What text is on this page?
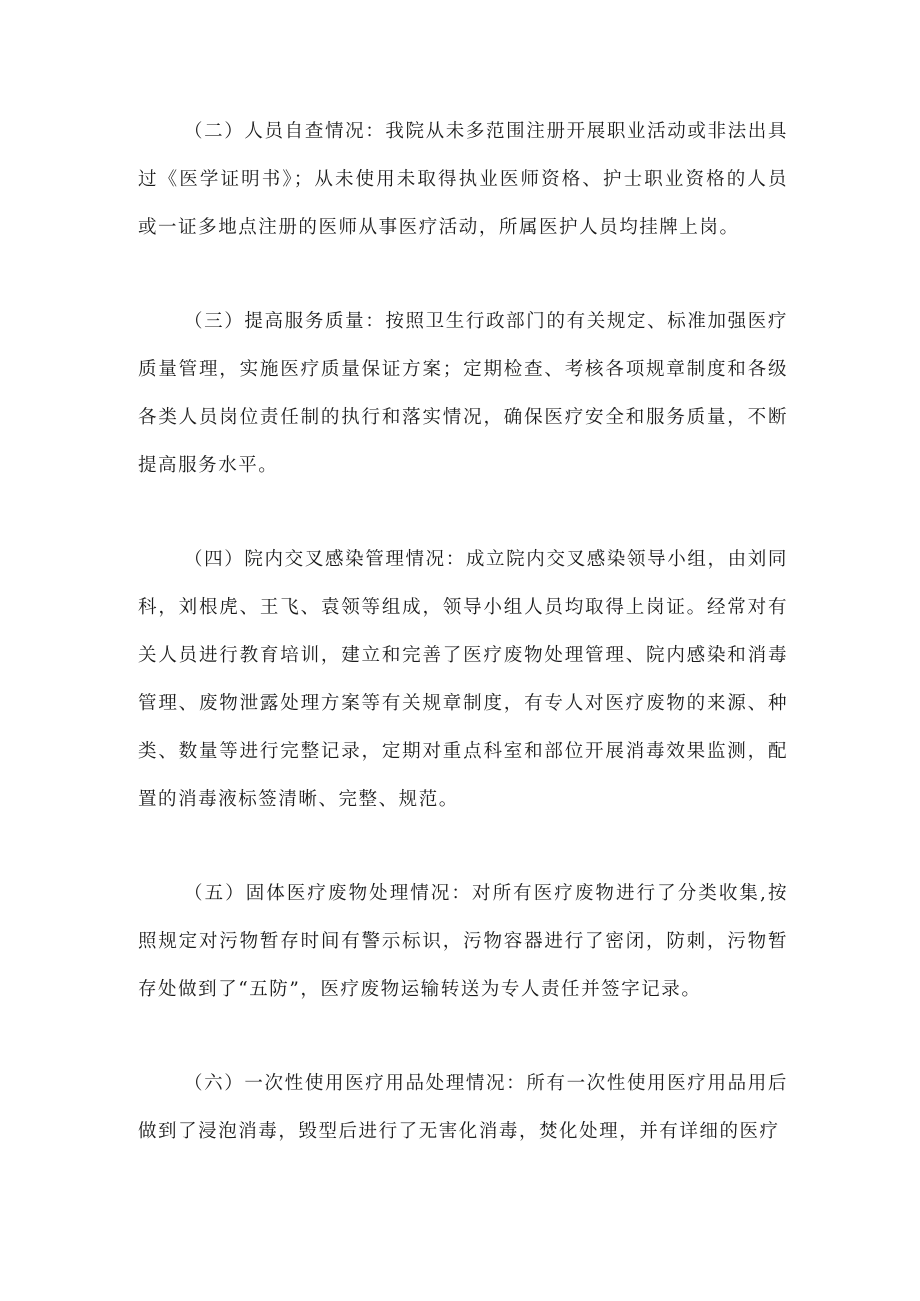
（二）人员自查情况：我院从未多范围注册开展职业活动或非法出具过《医学证明书》；从未使用未取得执业医师资格、护士职业资格的人员或一证多地点注册的医师从事医疗活动，所属医护人员均挂牌上岗。

（三）提高服务质量：按照卫生行政部门的有关规定、标准加强医疗质量管理，实施医疗质量保证方案；定期检查、考核各项规章制度和各级各类人员岗位责任制的执行和落实情况，确保医疗安全和服务质量，不断提高服务水平。

（四）院内交叉感染管理情况：成立院内交叉感染领导小组，由刘同科，刘根虎、王飞、袁领等组成，领导小组人员均取得上岗证。经常对有关人员进行教育培训，建立和完善了医疗废物处理管理、院内感染和消毒管理、废物泄露处理方案等有关规章制度，有专人对医疗废物的来源、种类、数量等进行完整记录，定期对重点科室和部位开展消毒效果监测，配置的消毒液标签清晰、完整、规范。

（五）固体医疗废物处理情况：对所有医疗废物进行了分类收集,按照规定对污物暂存时间有警示标识，污物容器进行了密闭，防刺，污物暂存处做到了“五防”，医疗废物运输转送为专人责任并签字记录。

（六）一次性使用医疗用品处理情况：所有一次性使用医疗用品用后做到了浸泡消毒，毁型后进行了无害化消毒，焚化处理，并有详细的医疗
